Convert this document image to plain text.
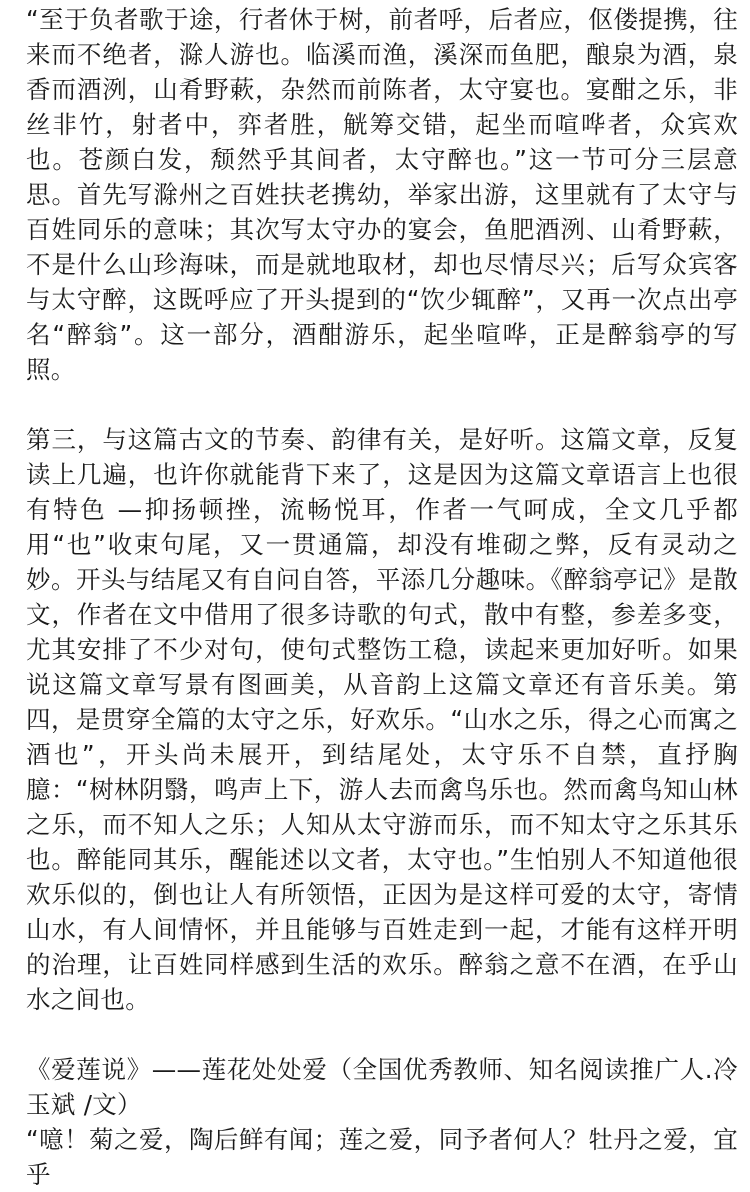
“至于负者歌于途，行者休于树，前者呼，后者应，伛偻提携，往来而不绝者，滁人游也。临溪而渔，溪深而鱼肥，酿泉为酒，泉香而酒洌，山肴野蔌，杂然而前陈者，太守宴也。宴酣之乐，非丝非竹，射者中，弈者胜，觥筹交错，起坐而喧哗者，众宾欢也。苍颜白发，颓然乎其间者，太守醉也。”这一节可分三层意思。首先写滁州之百姓扶老携幼，举家出游，这里就有了太守与百姓同乐的意味；其次写太守办的宴会，鱼肥酒洌、山肴野蔌，不是什么山珍海味，而是就地取材，却也尽情尽兴；后写众宾客与太守醉，这既呼应了开头提到的“饮少辄醉”，又再一次点出亭名“醉翁”。这一部分，酒酣游乐，起坐喧哗，正是醉翁亭的写照。

第三，与这篇古文的节奏、韵律有关，是好听。这篇文章，反复读上几遍，也许你就能背下来了，这是因为这篇文章语言上也很有特色 —抑扬顿挫，流畅悦耳，作者一气呵成，全文几乎都用“也”收束句尾，又一贯通篇，却没有堆砌之弊，反有灵动之妙。开头与结尾又有自问自答，平添几分趣味。《醉翁亭记》是散文，作者在文中借用了很多诗歌的句式，散中有整，参差多变，尤其安排了不少对句，使句式整饬工稳，读起来更加好听。如果说这篇文章写景有图画美，从音韵上这篇文章还有音乐美。第四，是贯穿全篇的太守之乐，好欢乐。“山水之乐，得之心而寓之酒也”，开头尚未展开，到结尾处，太守乐不自禁，直抒胸臆：“树林阴翳，鸣声上下，游人去而禽鸟乐也。然而禽鸟知山林之乐，而不知人之乐；人知从太守游而乐，而不知太守之乐其乐也。醉能同其乐，醒能述以文者，太守也。”生怕别人不知道他很欢乐似的，倒也让人有所领悟，正因为是这样可爱的太守，寄情山水，有人间情怀，并且能够与百姓走到一起，才能有这样开明的治理，让百姓同样感到生活的欢乐。醉翁之意不在酒，在乎山水之间也。

《爱莲说》——莲花处处爱（全国优秀教师、知名阅读推广人.冷玉斌 /文）

“噫！菊之爱，陶后鲜有闻；莲之爱，同予者何人？牡丹之爱，宜乎
